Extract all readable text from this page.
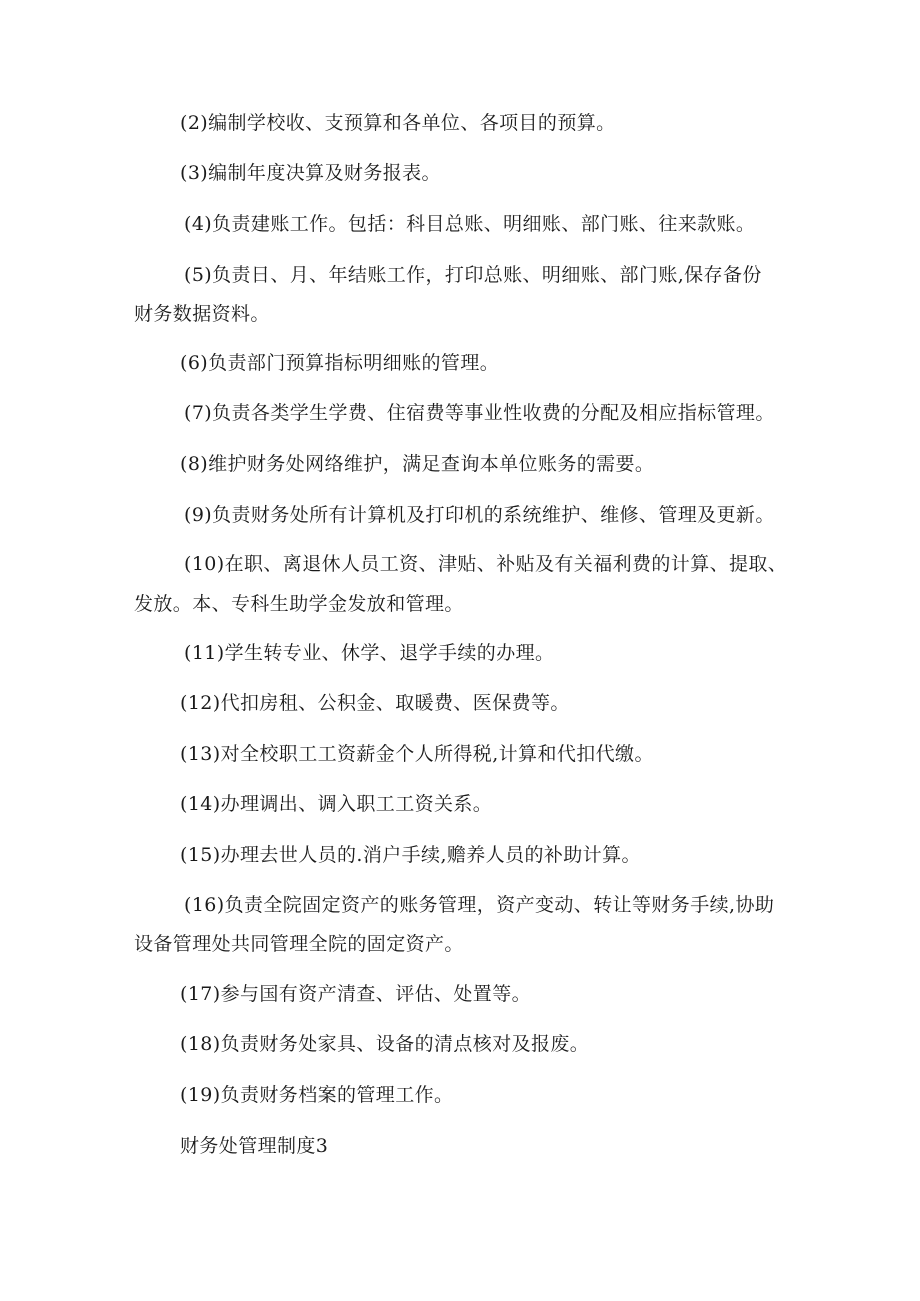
(2)编制学校收、支预算和各单位、各项目的预算。
(3)编制年度决算及财务报表。
(4)负责建账工作。包括：科目总账、明细账、部门账、往来款账。
(5)负责日、月、年结账工作，打印总账、明细账、部门账,保存备份
财务数据资料。
(6)负责部门预算指标明细账的管理。
(7)负责各类学生学费、住宿费等事业性收费的分配及相应指标管理。
(8)维护财务处网络维护，满足查询本单位账务的需要。
(9)负责财务处所有计算机及打印机的系统维护、维修、管理及更新。
(10)在职、离退休人员工资、津贴、补贴及有关福利费的计算、提取、
发放。本、专科生助学金发放和管理。
(11)学生转专业、休学、退学手续的办理。
(12)代扣房租、公积金、取暖费、医保费等。
(13)对全校职工工资薪金个人所得税,计算和代扣代缴。
(14)办理调出、调入职工工资关系。
(15)办理去世人员的.消户手续,赡养人员的补助计算。
(16)负责全院固定资产的账务管理，资产变动、转让等财务手续,协助
设备管理处共同管理全院的固定资产。
(17)参与国有资产清查、评估、处置等。
(18)负责财务处家具、设备的清点核对及报废。
(19)负责财务档案的管理工作。
财务处管理制度3
